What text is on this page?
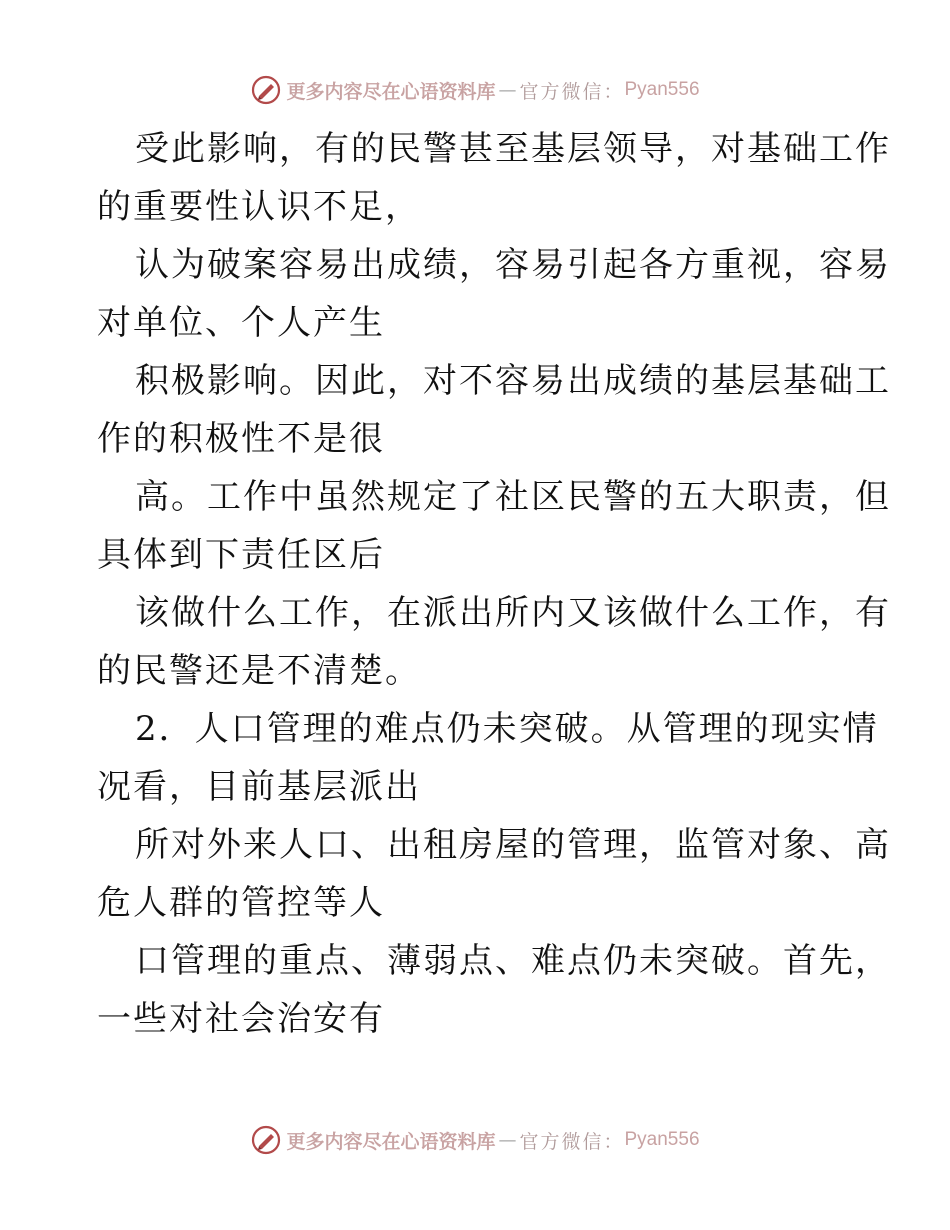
更多内容尽在心语资料库 — 官方微信： Pyan556
受此影响，有的民警甚至基层领导，对基础工作
的重要性认识不足，
认为破案容易出成绩，容易引起各方重视，容易
对单位、个人产生
积极影响。因此，对不容易出成绩的基层基础工
作的积极性不是很
高。工作中虽然规定了社区民警的五大职责，但
具体到下责任区后
该做什么工作，在派出所内又该做什么工作，有
的民警还是不清楚。
2．人口管理的难点仍未突破。从管理的现实情
况看，目前基层派出
所对外来人口、出租房屋的管理，监管对象、高
危人群的管控等人
口管理的重点、薄弱点、难点仍未突破。首先，
一些对社会治安有
更多内容尽在心语资料库 — 官方微信： Pyan556
